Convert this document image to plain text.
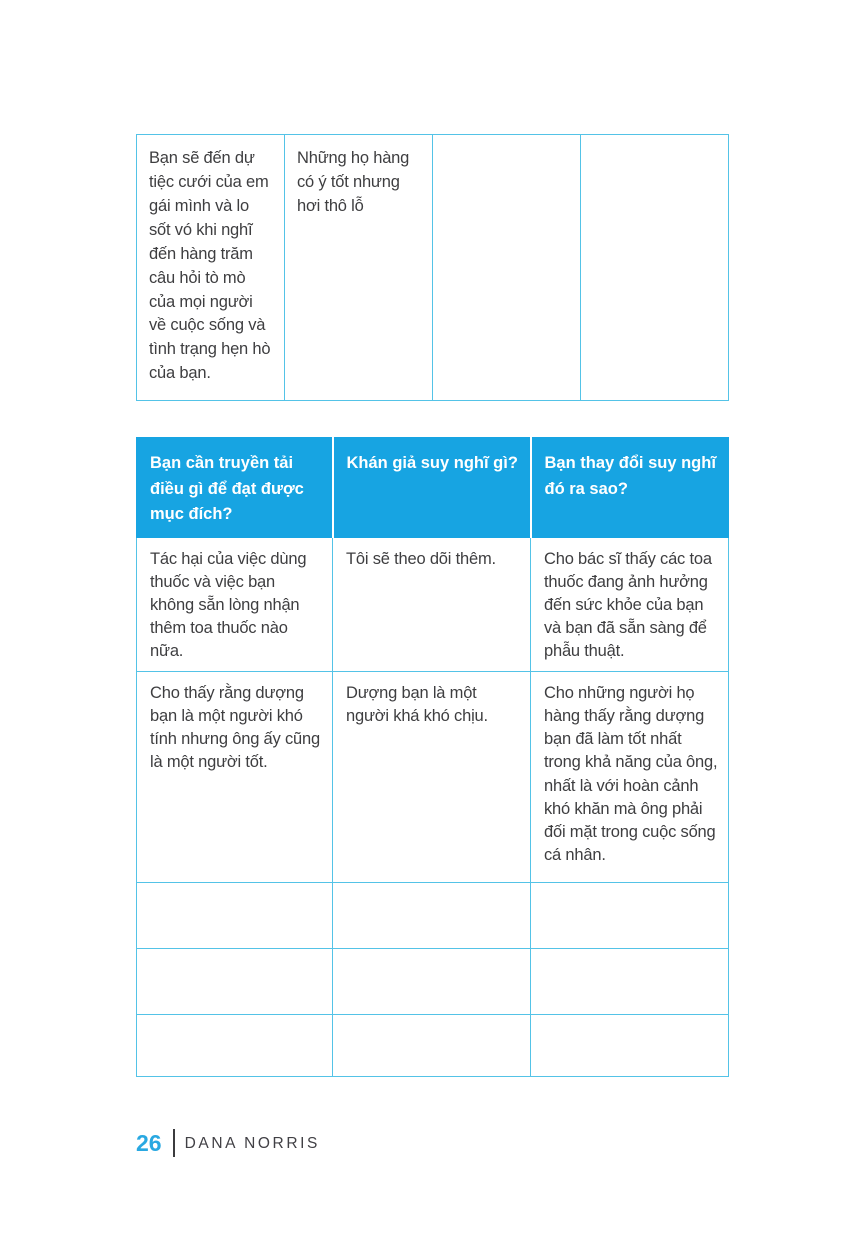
Bạn sẽ đến dự tiệc cưới của em gái mình và lo sốt vó khi nghĩ đến hàng trăm câu hỏi tò mò của mọi người về cuộc sống và tình trạng hẹn hò của bạn.	Những họ hàng có ý tốt nhưng hơi thô lỗ		
Bạn cần truyền tải điều gì để đạt được mục đích?	Khán giả suy nghĩ gì?	Bạn thay đổi suy nghĩ đó ra sao?
Tác hại của việc dùng thuốc và việc bạn không sẵn lòng nhận thêm toa thuốc nào nữa.	Tôi sẽ theo dõi thêm.	Cho bác sĩ thấy các toa thuốc đang ảnh hưởng đến sức khỏe của bạn và bạn đã sẵn sàng để phẫu thuật.
Cho thấy rằng dượng bạn là một người khó tính nhưng ông ấy cũng là một người tốt.	Dượng bạn là một người khá khó chịu.	Cho những người họ hàng thấy rằng dượng bạn đã làm tốt nhất trong khả năng của ông, nhất là với hoàn cảnh khó khăn mà ông phải đối mặt trong cuộc sống cá nhân.

26 DANA NORRIS
